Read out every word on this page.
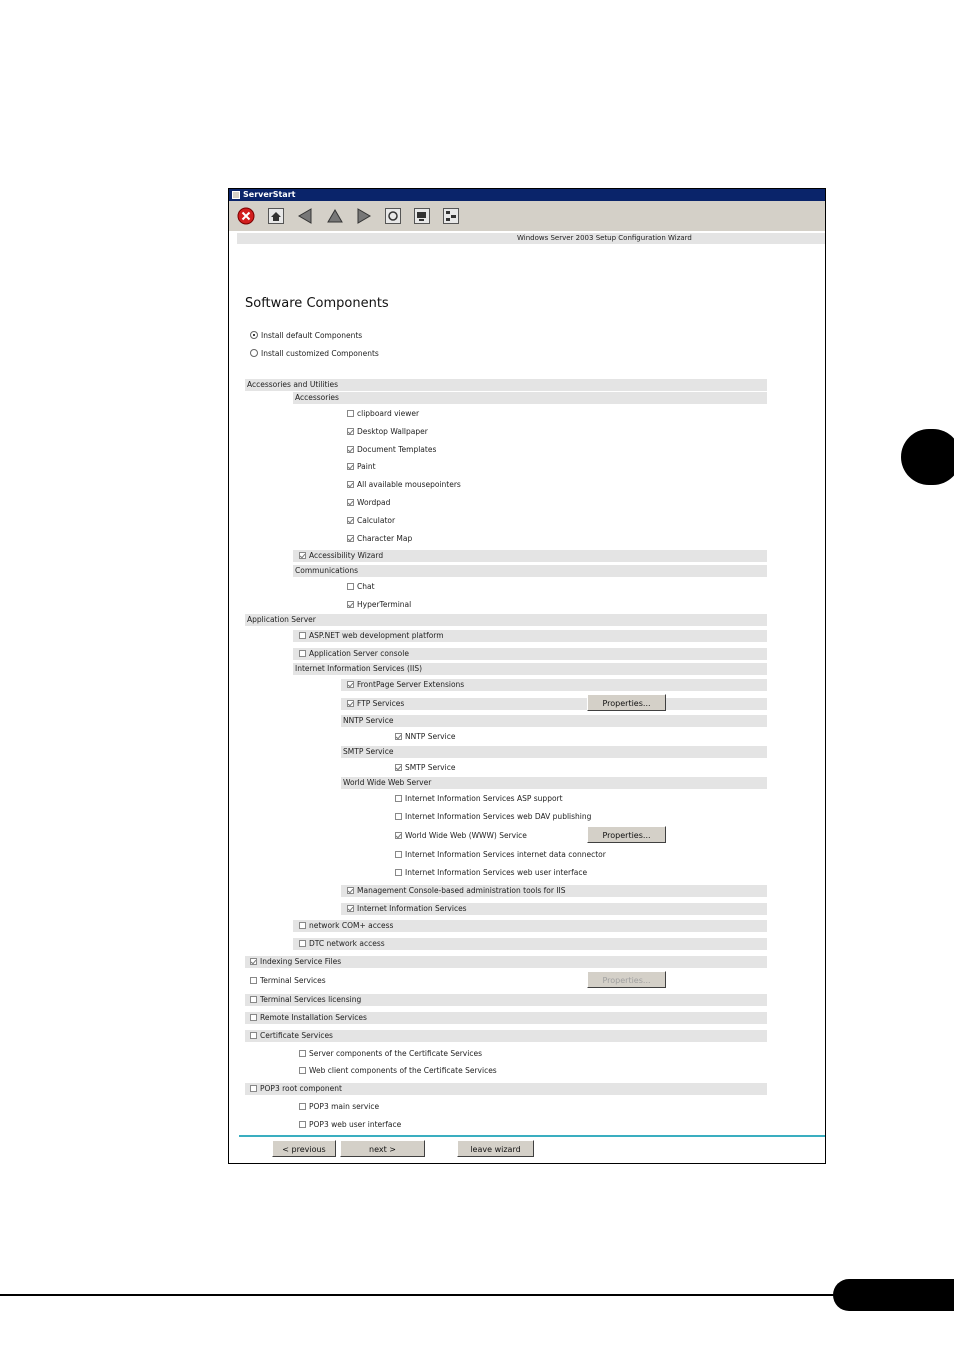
ServerStart
Windows Server 2003 Setup Configuration Wizard
Software Components
Install default Components
Install customized Components
Accessories and Utilities
Accessories
clipboard viewer
Desktop Wallpaper
Document Templates
Paint
All available mousepointers
Wordpad
Calculator
Character Map
Accessibility Wizard
Communications
Chat
HyperTerminal
Application Server
ASP.NET web development platform
Application Server console
Internet Information Services (IIS)
FrontPage Server Extensions
FTP Services	Properties...
NNTP Service
NNTP Service
SMTP Service
SMTP Service
World Wide Web Server
Internet Information Services ASP support
Internet Information Services web DAV publishing
World Wide Web (WWW) Service	Properties...
Internet Information Services internet data connector
Internet Information Services web user interface
Management Console-based administration tools for IIS
Internet Information Services
network COM+ access
DTC network access
Indexing Service Files
Terminal Services	Properties...
Terminal Services licensing
Remote Installation Services
Certificate Services
Server components of the Certificate Services
Web client components of the Certificate Services
POP3 root component
POP3 main service
POP3 web user interface
< previous	next >	leave wizard
